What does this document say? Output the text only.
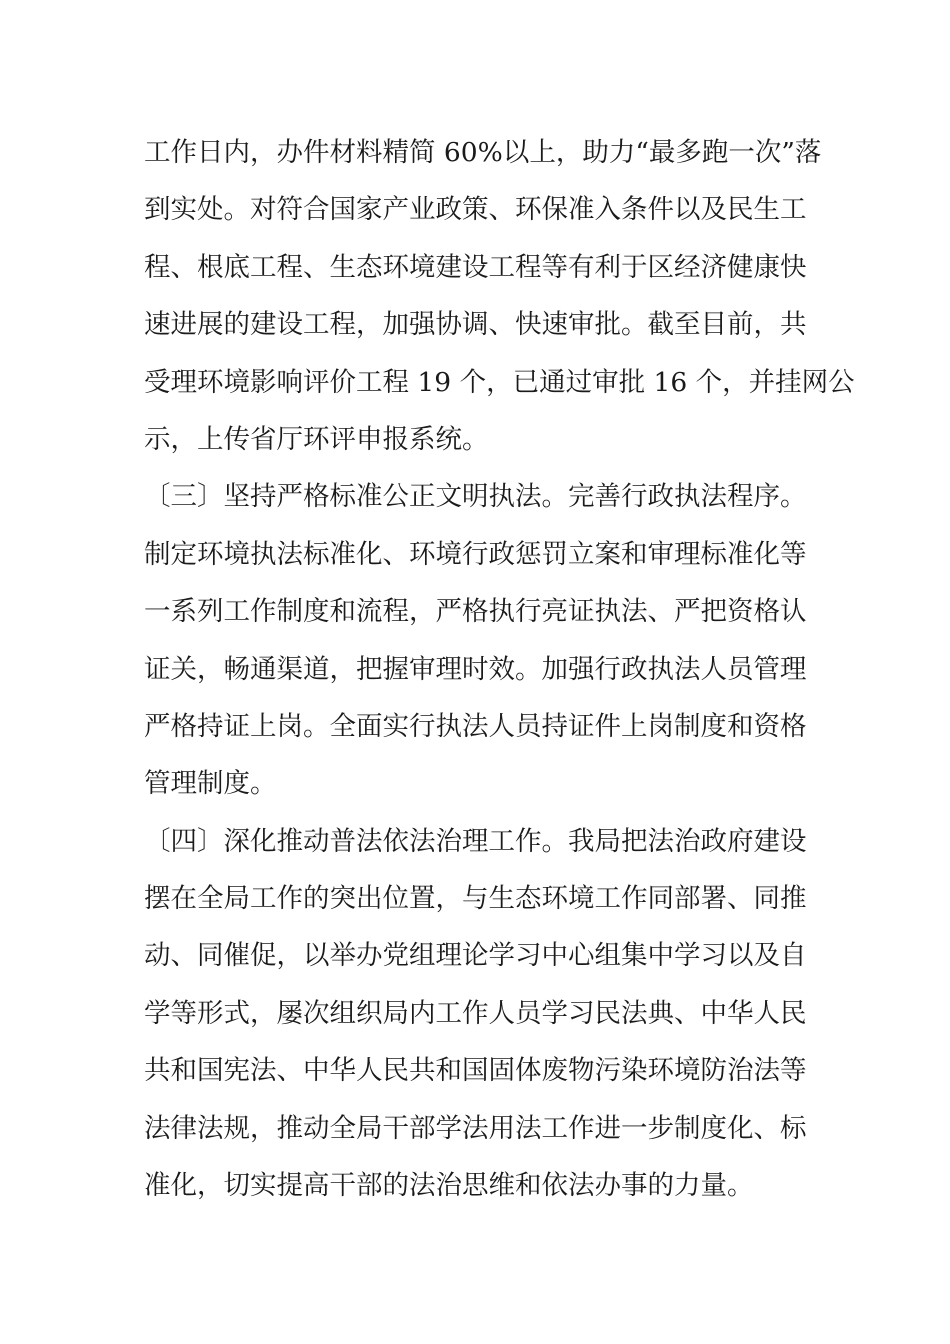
工作日内，办件材料精简 60%以上，助力“最多跑一次”落
到实处。对符合国家产业政策、环保准入条件以及民生工
程、根底工程、生态环境建设工程等有利于区经济健康快
速进展的建设工程，加强协调、快速审批。截至目前，共
受理环境影响评价工程 19 个，已通过审批 16 个，并挂网公
示，上传省厅环评申报系统。
〔三〕坚持严格标准公正文明执法。完善行政执法程序。
制定环境执法标准化、环境行政惩罚立案和审理标准化等
一系列工作制度和流程，严格执行亮证执法、严把资格认
证关，畅通渠道，把握审理时效。加强行政执法人员管理
严格持证上岗。全面实行执法人员持证件上岗制度和资格
管理制度。
〔四〕深化推动普法依法治理工作。我局把法治政府建设
摆在全局工作的突出位置，与生态环境工作同部署、同推
动、同催促，以举办党组理论学习中心组集中学习以及自
学等形式，屡次组织局内工作人员学习民法典、中华人民
共和国宪法、中华人民共和国固体废物污染环境防治法等
法律法规，推动全局干部学法用法工作进一步制度化、标
准化，切实提高干部的法治思维和依法办事的力量。
